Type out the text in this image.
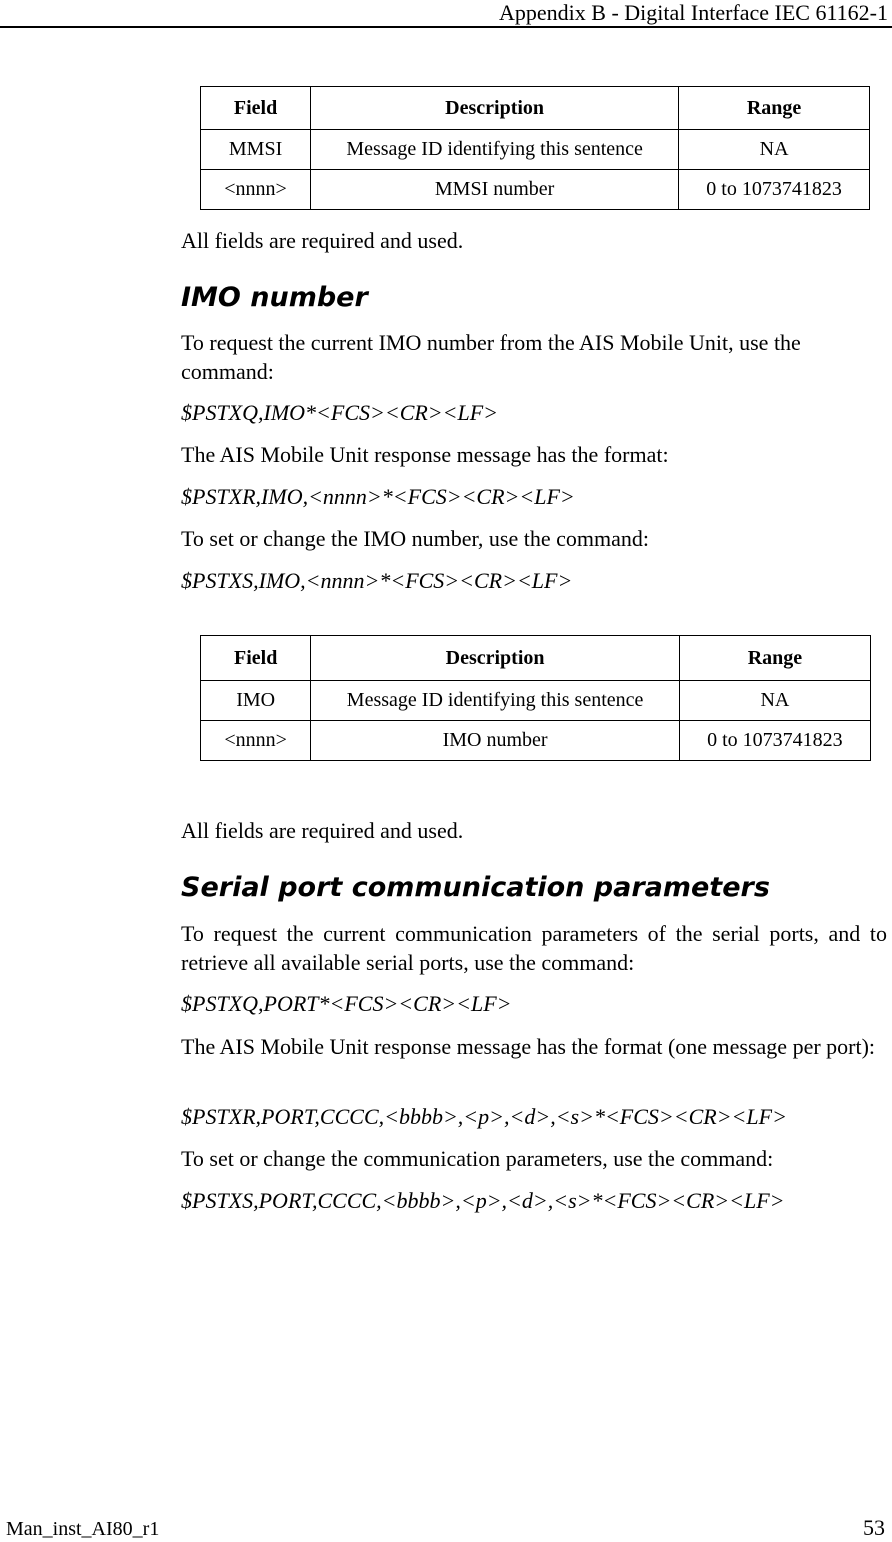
Appendix B - Digital Interface IEC 61162-1
Field	Description	Range
MMSI	Message ID identifying this sentence	NA
<nnnn>	MMSI number	0 to 1073741823

All fields are required and used.

IMO number

To request the current IMO number from the AIS Mobile Unit, use the command:

$PSTXQ,IMO*<FCS><CR><LF>

The AIS Mobile Unit response message has the format:

$PSTXR,IMO,<nnnn>*<FCS><CR><LF>

To set or change the IMO number, use the command:

$PSTXS,IMO,<nnnn>*<FCS><CR><LF>

Field	Description	Range
IMO	Message ID identifying this sentence	NA
<nnnn>	IMO number	0 to 1073741823

All fields are required and used.

Serial port communication parameters

To request the current communication parameters of the serial ports, and to retrieve all available serial ports, use the command:

$PSTXQ,PORT*<FCS><CR><LF>

The AIS Mobile Unit response message has the format (one message per port):

$PSTXR,PORT,CCCC,<bbbb>,<p>,<d>,<s>*<FCS><CR><LF>

To set or change the communication parameters, use the command:

$PSTXS,PORT,CCCC,<bbbb>,<p>,<d>,<s>*<FCS><CR><LF>

Man_inst_AI80_r1	53
